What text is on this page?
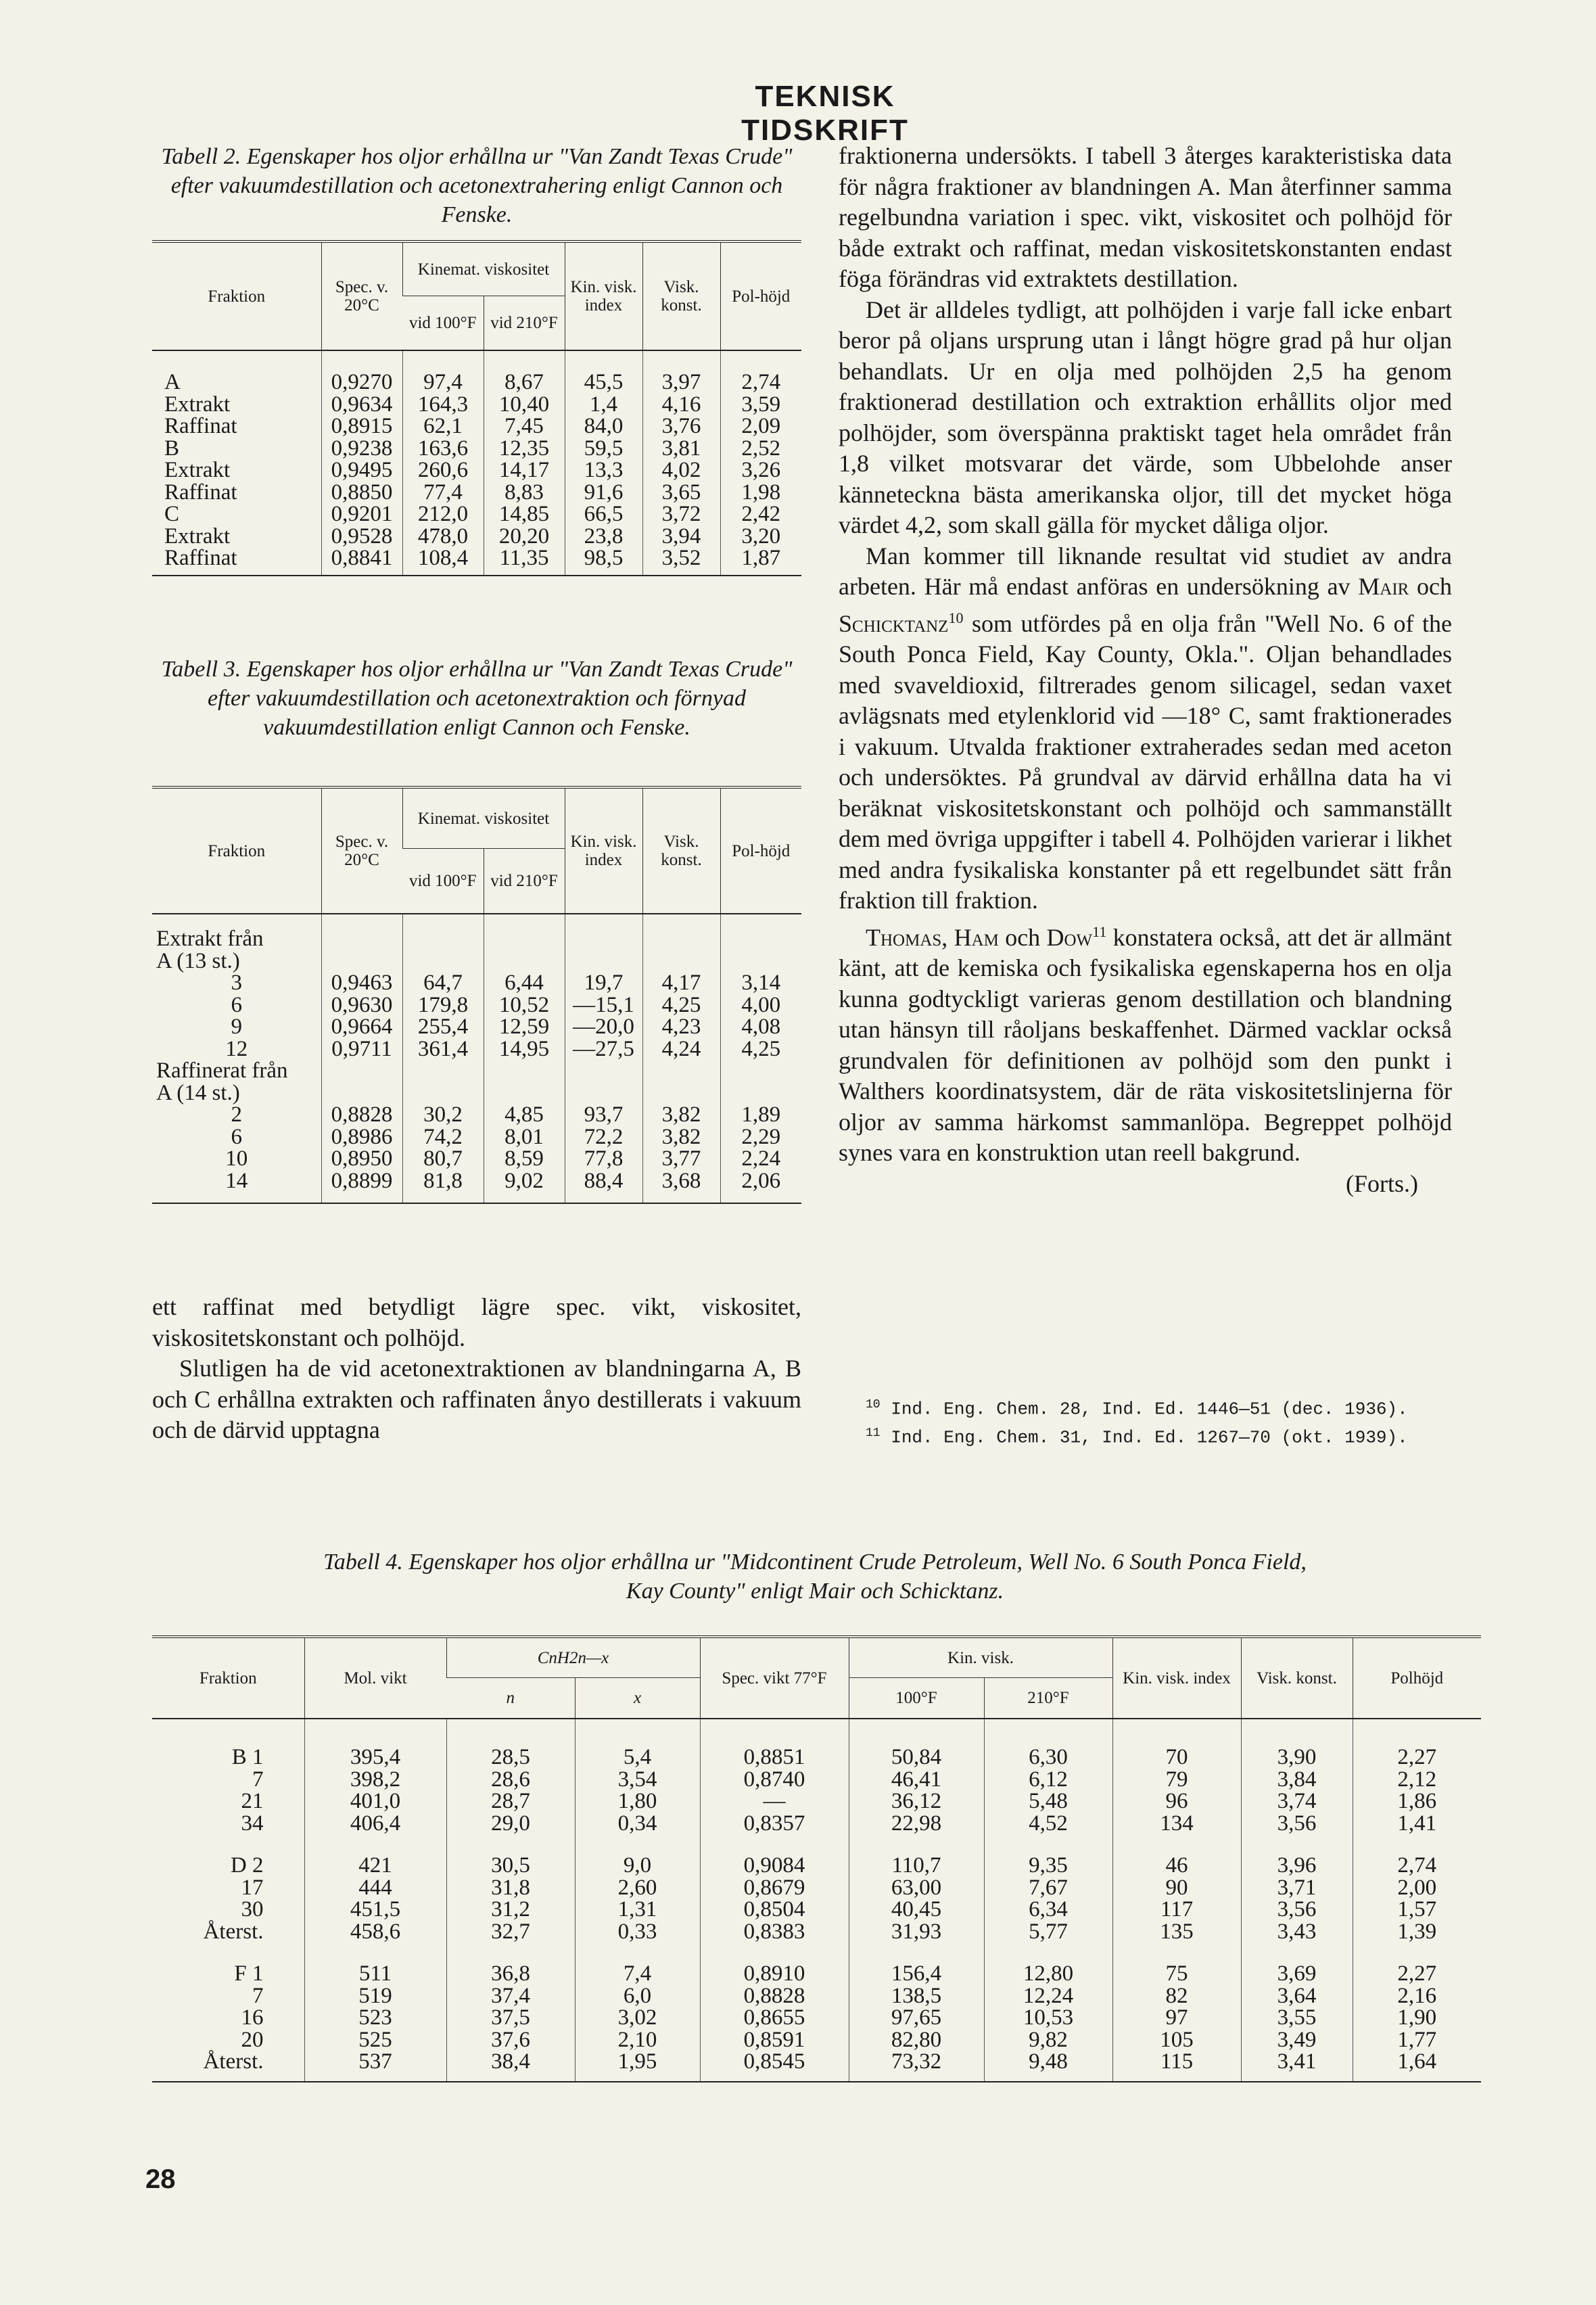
TEKNISK TIDSKRIFT
Tabell 2. Egenskaper hos oljor erhållna ur "Van Zandt Texas Crude" efter vakuumdestillation och acetonextrahering enligt Cannon och Fenske.
Fraktion	Spec. v. 20°C	Kinemat. viskositet		Kin. visk. index	Visk. konst.	Pol-höjd
		vid 100°F	vid 210°F			

A	0,9270	97,4	8,67	45,5	3,97	2,74
Extrakt	0,9634	164,3	10,40	1,4	4,16	3,59
Raffinat	0,8915	62,1	7,45	84,0	3,76	2,09
B	0,9238	163,6	12,35	59,5	3,81	2,52
Extrakt	0,9495	260,6	14,17	13,3	4,02	3,26
Raffinat	0,8850	77,4	8,83	91,6	3,65	1,98
C	0,9201	212,0	14,85	66,5	3,72	2,42
Extrakt	0,9528	478,0	20,20	23,8	3,94	3,20
Raffinat	0,8841	108,4	11,35	98,5	3,52	1,87

Tabell 3. Egenskaper hos oljor erhållna ur "Van Zandt Texas Crude" efter vakuumdestillation och acetonextraktion och förnyad vakuumdestillation enligt Cannon och Fenske.
Fraktion	Spec. v. 20°C	Kinemat. viskositet		Kin. visk. index	Visk. konst.	Pol-höjd
		vid 100°F	vid 210°F			

Extrakt från						
A (13 st.)						
3	0,9463	64,7	6,44	19,7	4,17	3,14
6	0,9630	179,8	10,52	—15,1	4,25	4,00
9	0,9664	255,4	12,59	—20,0	4,23	4,08
12	0,9711	361,4	14,95	—27,5	4,24	4,25
Raffinerat från						
A (14 st.)						
2	0,8828	30,2	4,85	93,7	3,82	1,89
6	0,8986	74,2	8,01	72,2	3,82	2,29
10	0,8950	80,7	8,59	77,8	3,77	2,24
14	0,8899	81,8	9,02	88,4	3,68	2,06

ett raffinat med betydligt lägre spec. vikt, viskositet, viskositetskonstant och polhöjd.

Slutligen ha de vid acetonextraktionen av blandningarna A, B och C erhållna extrakten och raffinaten ånyo destillerats i vakuum och de därvid upptagna

fraktionerna undersökts. I tabell 3 återges karakteristiska data för några fraktioner av blandningen A. Man återfinner samma regelbundna variation i spec. vikt, viskositet och polhöjd för både extrakt och raffinat, medan viskositetskonstanten endast föga förändras vid extraktets destillation.

Det är alldeles tydligt, att polhöjden i varje fall icke enbart beror på oljans ursprung utan i långt högre grad på hur oljan behandlats. Ur en olja med polhöjden 2,5 ha genom fraktionerad destillation och extraktion erhållits oljor med polhöjder, som överspänna praktiskt taget hela området från 1,8 vilket motsvarar det värde, som Ubbelohde anser känneteckna bästa amerikanska oljor, till det mycket höga värdet 4,2, som skall gälla för mycket dåliga oljor.

Man kommer till liknande resultat vid studiet av andra arbeten. Här må endast anföras en undersökning av Mair och Schicktanz$^{10}$ som utfördes på en olja från "Well No. 6 of the South Ponca Field, Kay County, Okla.". Oljan behandlades med svaveldioxid, filtrerades genom silicagel, sedan vaxet avlägsnats med etylenklorid vid —18° C, samt fraktionerades i vakuum. Utvalda fraktioner extraherades sedan med aceton och undersöktes. På grundval av därvid erhållna data ha vi beräknat viskositetskonstant och polhöjd och sammanställt dem med övriga uppgifter i tabell 4. Polhöjden varierar i likhet med andra fysikaliska konstanter på ett regelbundet sätt från fraktion till fraktion.

Thomas, Ham och Dow$^{11}$ konstatera också, att det är allmänt känt, att de kemiska och fysikaliska egenskaperna hos en olja kunna godtyckligt varieras genom destillation och blandning utan hänsyn till råoljans beskaffenhet. Därmed vacklar också grundvalen för definitionen av polhöjd som den punkt i Walthers koordinatsystem, där de räta viskositetslinjerna för oljor av samma härkomst sammanlöpa. Begreppet polhöjd synes vara en konstruktion utan reell bakgrund.

(Forts.)
$^{10}$ Ind. Eng. Chem. 28, Ind. Ed. 1446—51 (dec. 1936).
$^{11}$ Ind. Eng. Chem. 31, Ind. Ed. 1267—70 (okt. 1939).
Tabell 4. Egenskaper hos oljor erhållna ur "Midcontinent Crude Petroleum, Well No. 6 South Ponca Field,
Kay County" enligt Mair och Schicktanz.
Fraktion	Mol. vikt	CnH2n—x		Spec. vikt 77°F	Kin. visk.		Kin. visk. index	Visk. konst.	Polhöjd
		n	x		100°F	210°F			

B 1	395,4	28,5	5,4	0,8851	50,84	6,30	70	3,90	2,27
7	398,2	28,6	3,54	0,8740	46,41	6,12	79	3,84	2,12
21	401,0	28,7	1,80	—	36,12	5,48	96	3,74	1,86
34	406,4	29,0	0,34	0,8357	22,98	4,52	134	3,56	1,41

D 2	421	30,5	9,0	0,9084	110,7	9,35	46	3,96	2,74
17	444	31,8	2,60	0,8679	63,00	7,67	90	3,71	2,00
30	451,5	31,2	1,31	0,8504	40,45	6,34	117	3,56	1,57
Återst.	458,6	32,7	0,33	0,8383	31,93	5,77	135	3,43	1,39

F 1	511	36,8	7,4	0,8910	156,4	12,80	75	3,69	2,27
7	519	37,4	6,0	0,8828	138,5	12,24	82	3,64	2,16
16	523	37,5	3,02	0,8655	97,65	10,53	97	3,55	1,90
20	525	37,6	2,10	0,8591	82,80	9,82	105	3,49	1,77
Återst.	537	38,4	1,95	0,8545	73,32	9,48	115	3,41	1,64

28
